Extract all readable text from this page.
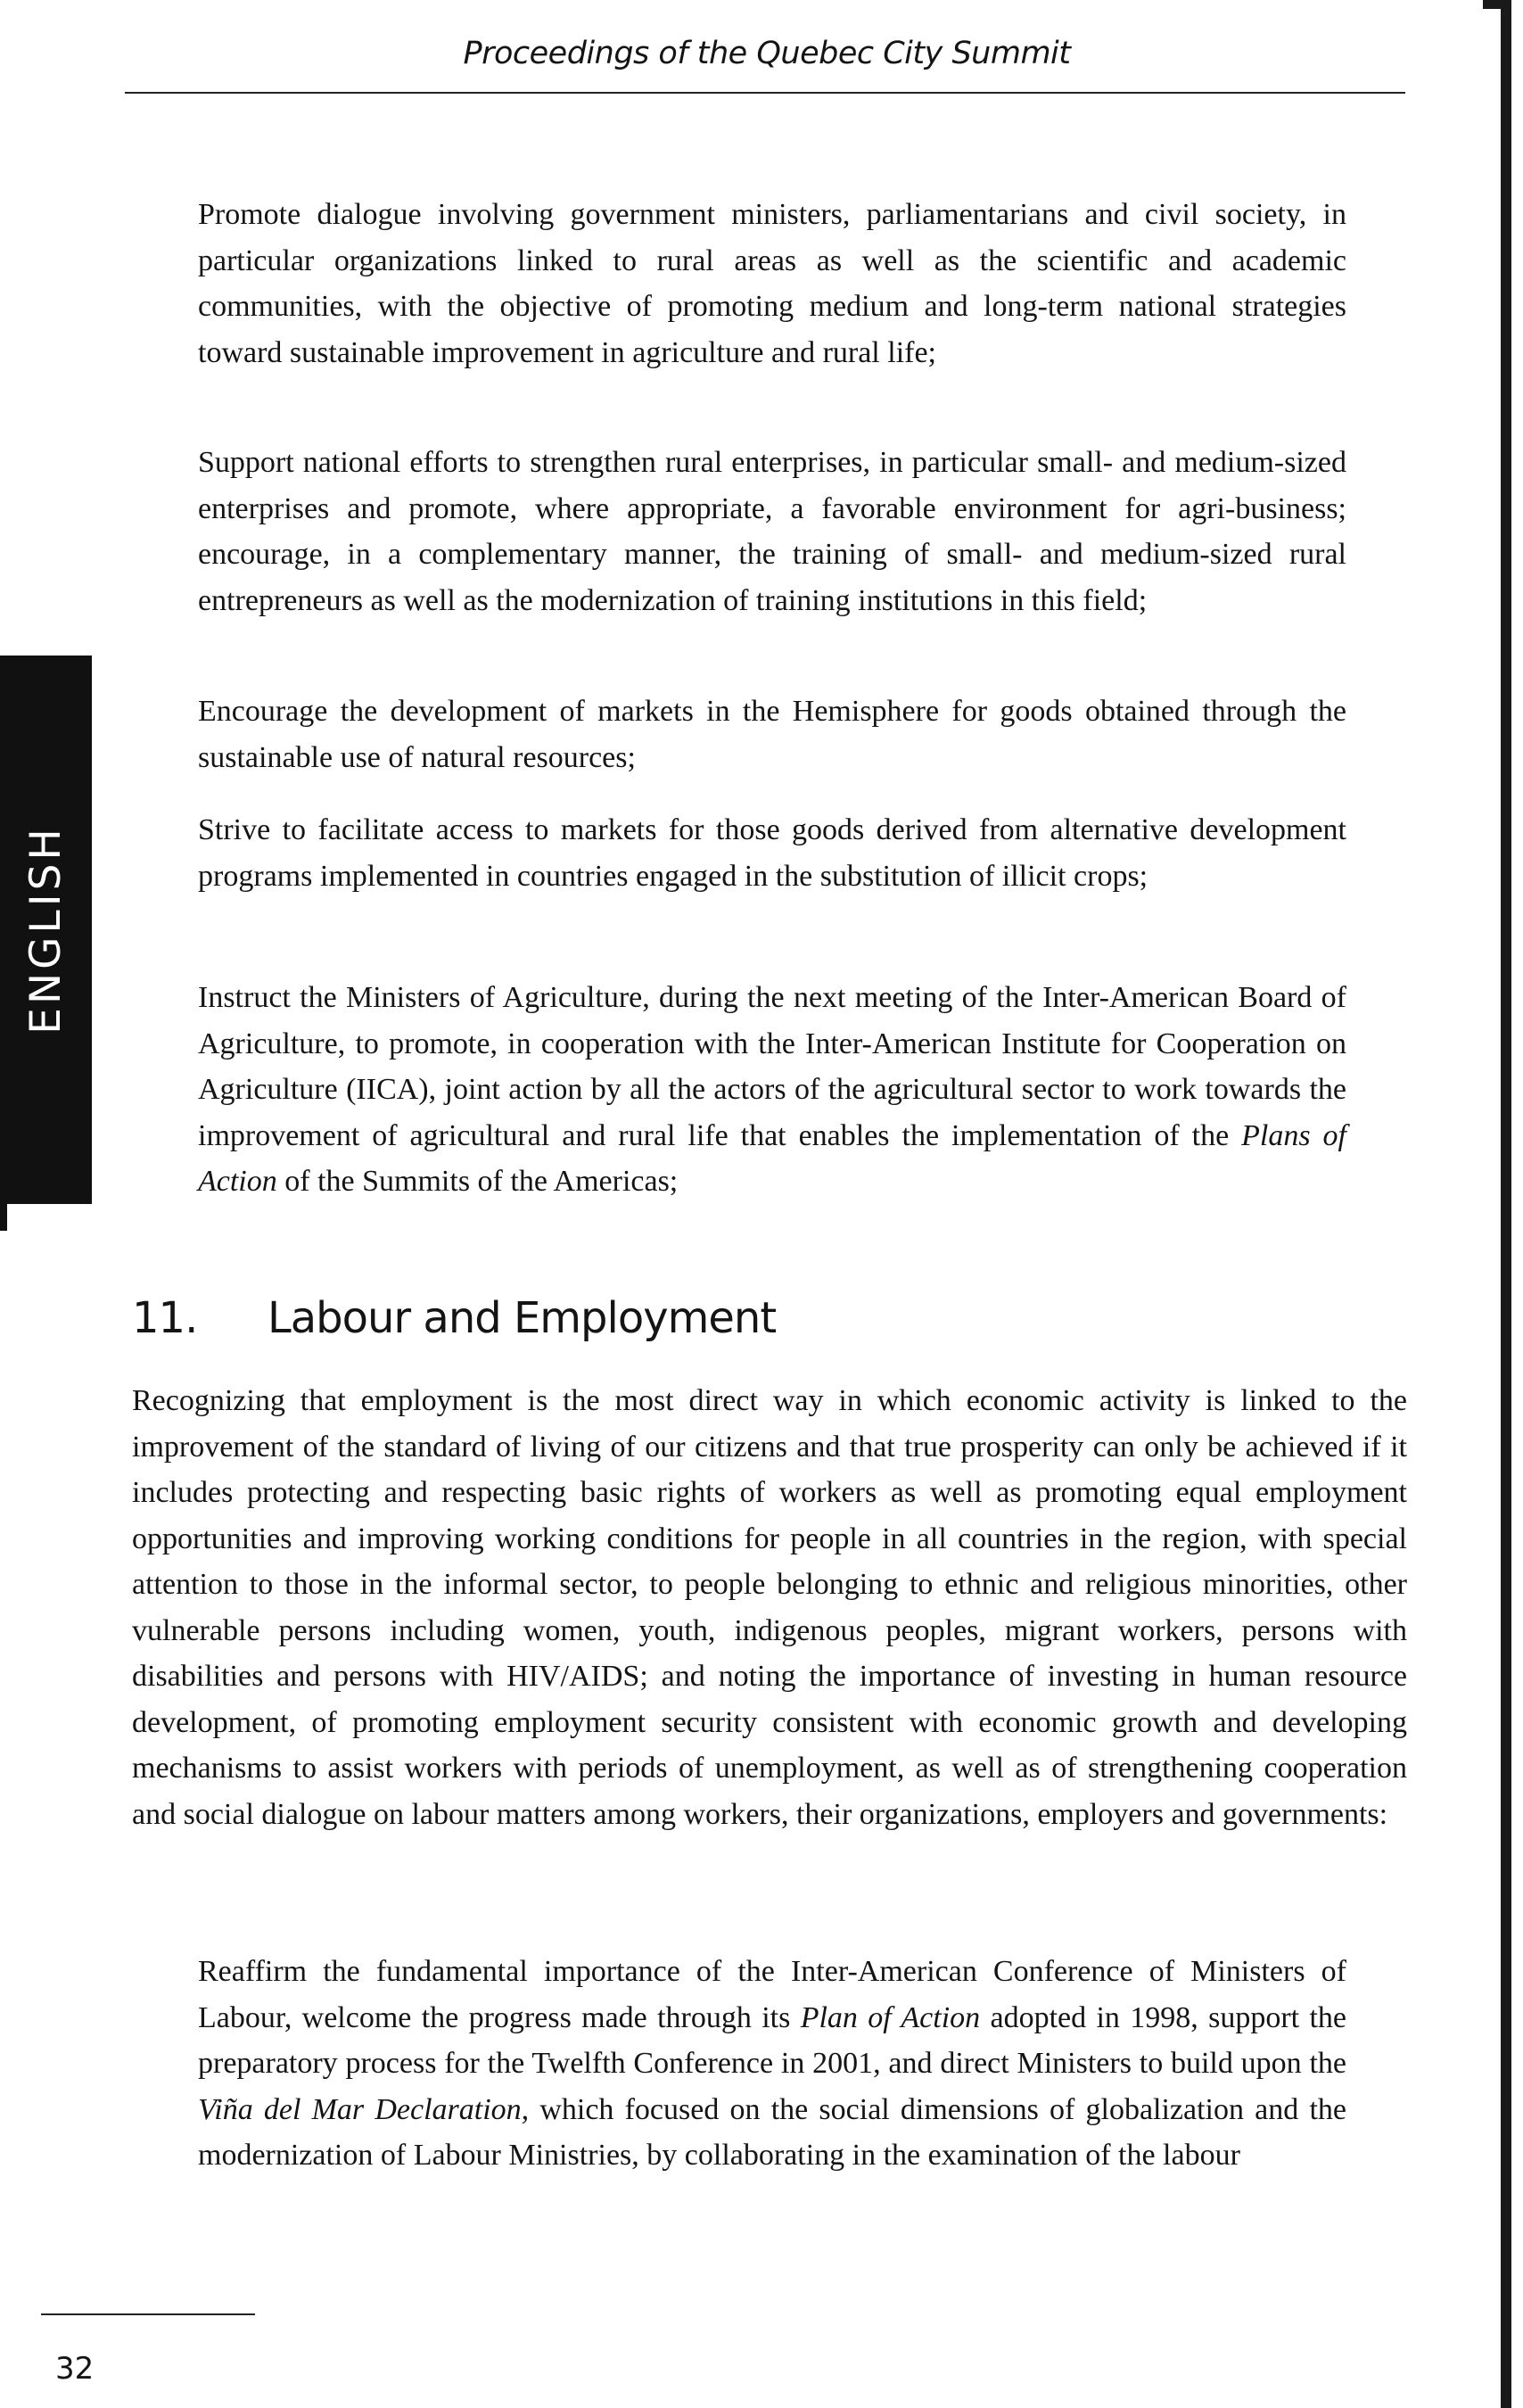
Proceedings of the Quebec City Summit
ENGLISH

Promote dialogue involving government ministers, parliamentarians and civil society, in particular organizations linked to rural areas as well as the scientific and academic communities, with the objective of promoting medium and long-term national strategies toward sustainable improvement in agriculture and rural life;

Support national efforts to strengthen rural enterprises, in particular small- and medium-sized enterprises and promote, where appropriate, a favorable environment for agri-business; encourage, in a complementary manner, the training of small- and medium-sized rural entrepreneurs as well as the modernization of training institutions in this field;

Encourage the development of markets in the Hemisphere for goods obtained through the sustainable use of natural resources;

Strive to facilitate access to markets for those goods derived from alternative development programs implemented in countries engaged in the substitution of illicit crops;

Instruct the Ministers of Agriculture, during the next meeting of the Inter-American Board of Agriculture, to promote, in cooperation with the Inter-American Institute for Cooperation on Agriculture (IICA), joint action by all the actors of the agricultural sector to work towards the improvement of agricultural and rural life that enables the implementation of the Plans of Action of the Summits of the Americas;

11.	Labour and Employment

Recognizing that employment is the most direct way in which economic activity is linked to the improvement of the standard of living of our citizens and that true prosperity can only be achieved if it includes protecting and respecting basic rights of workers as well as promoting equal employment opportunities and improving working conditions for people in all countries in the region, with special attention to those in the informal sector, to people belonging to ethnic and religious minorities, other vulnerable persons including women, youth, indigenous peoples, migrant workers, persons with disabilities and persons with HIV/AIDS; and noting the importance of investing in human resource development, of promoting employment security consistent with economic growth and developing mechanisms to assist workers with periods of unemployment, as well as of strengthening cooperation and social dialogue on labour matters among workers, their organizations, employers and governments:

Reaffirm the fundamental importance of the Inter-American Conference of Ministers of Labour, welcome the progress made through its Plan of Action adopted in 1998, support the preparatory process for the Twelfth Conference in 2001, and direct Ministers to build upon the Viña del Mar Declaration, which focused on the social dimensions of globalization and the modernization of Labour Ministries, by collaborating in the examination of the labour

32
